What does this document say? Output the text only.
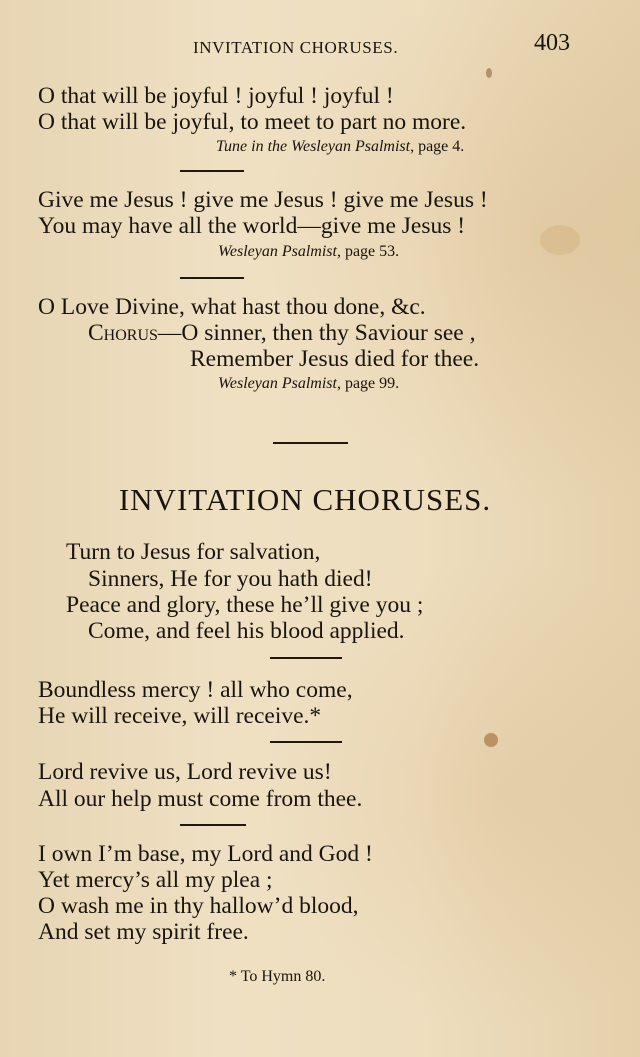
INVITATION CHORUSES.	403
O that will be joyful ! joyful ! joyful !
O that will be joyful, to meet to part no more.
Tune in the Wesleyan Psalmist, page 4.
Give me Jesus ! give me Jesus ! give me Jesus !
You may have all the world—give me Jesus !
Wesleyan Psalmist, page 53.
O Love Divine, what hast thou done, &c.
Chorus—O sinner, then thy Saviour see ,
Remember Jesus died for thee.
Wesleyan Psalmist, page 99.
INVITATION CHORUSES.
Turn to Jesus for salvation,
Sinners, He for you hath died!
Peace and glory, these he’ll give you ;
Come, and feel his blood applied.
Boundless mercy ! all who come,
He will receive, will receive.*
Lord revive us, Lord revive us!
All our help must come from thee.
I own I’m base, my Lord and God !
Yet mercy’s all my plea ;
O wash me in thy hallow’d blood,
And set my spirit free.
* To Hymn 80.
